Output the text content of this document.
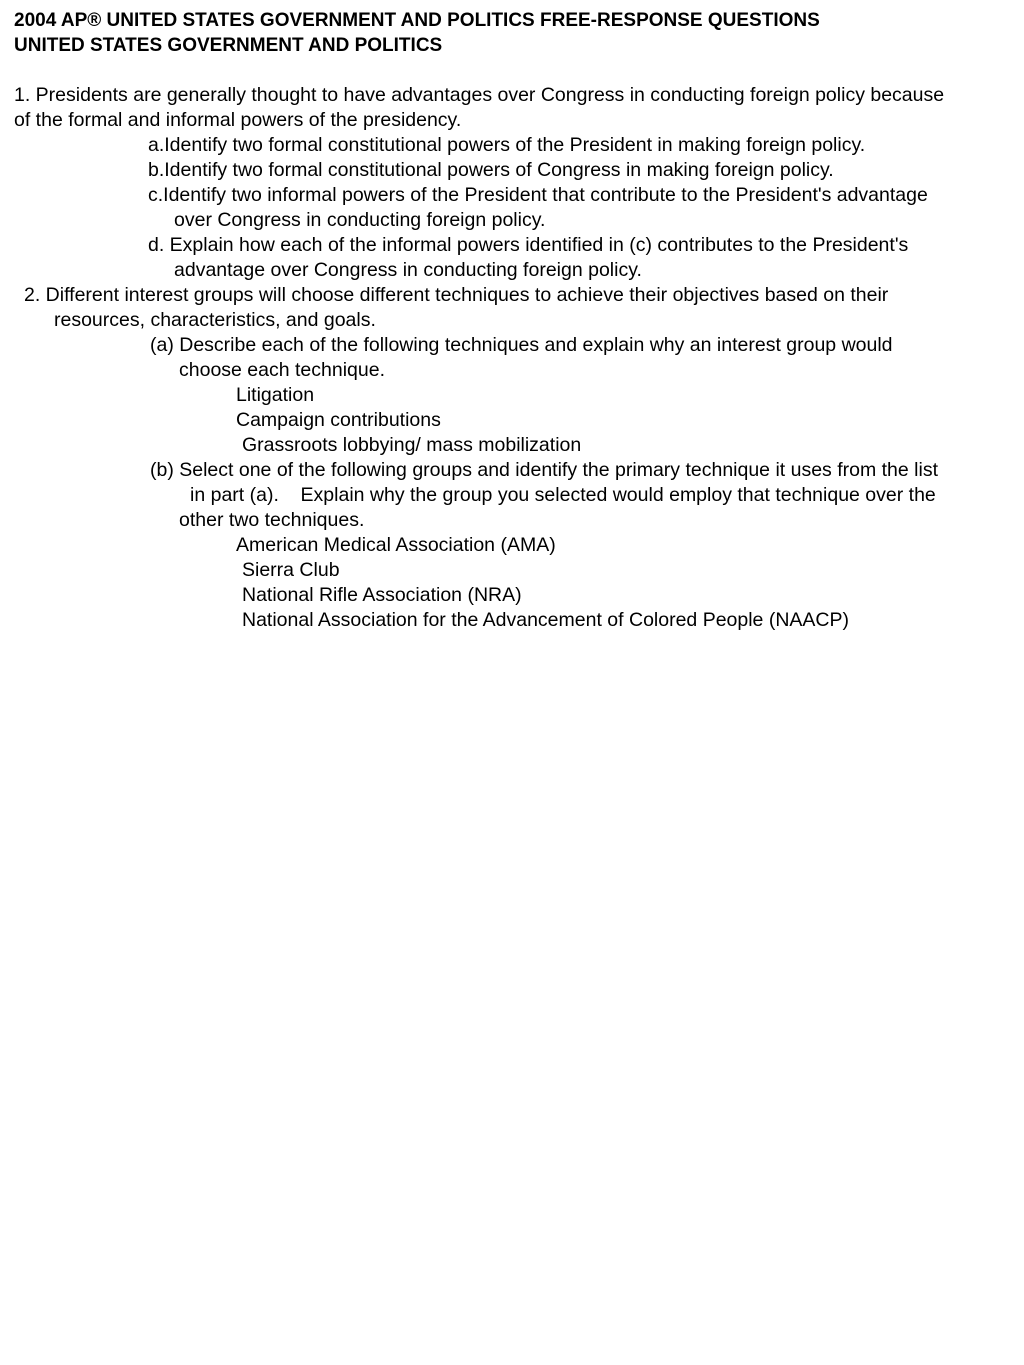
2004 AP® UNITED STATES GOVERNMENT AND POLITICS FREE-RESPONSE QUESTIONS
UNITED STATES GOVERNMENT AND POLITICS
1. Presidents are generally thought to have advantages over Congress in conducting foreign policy because
of the formal and informal powers of the presidency.
a.Identify two formal constitutional powers of the President in making foreign policy.
b.Identify two formal constitutional powers of Congress in making foreign policy.
c.Identify two informal powers of the President that contribute to the President's advantage
over Congress in conducting foreign policy.
d. Explain how each of the informal powers identified in (c) contributes to the President's
advantage over Congress in conducting foreign policy.
2. Different interest groups will choose different techniques to achieve their objectives based on their
resources, characteristics, and goals.
(a) Describe each of the following techniques and explain why an interest group would
choose each technique.
Litigation
Campaign contributions
Grassroots lobbying/ mass mobilization
(b) Select one of the following groups and identify the primary technique it uses from the list
in part (a).    Explain why the group you selected would employ that technique over the
other two techniques.
American Medical Association (AMA)
Sierra Club
National Rifle Association (NRA)
National Association for the Advancement of Colored People (NAACP)
